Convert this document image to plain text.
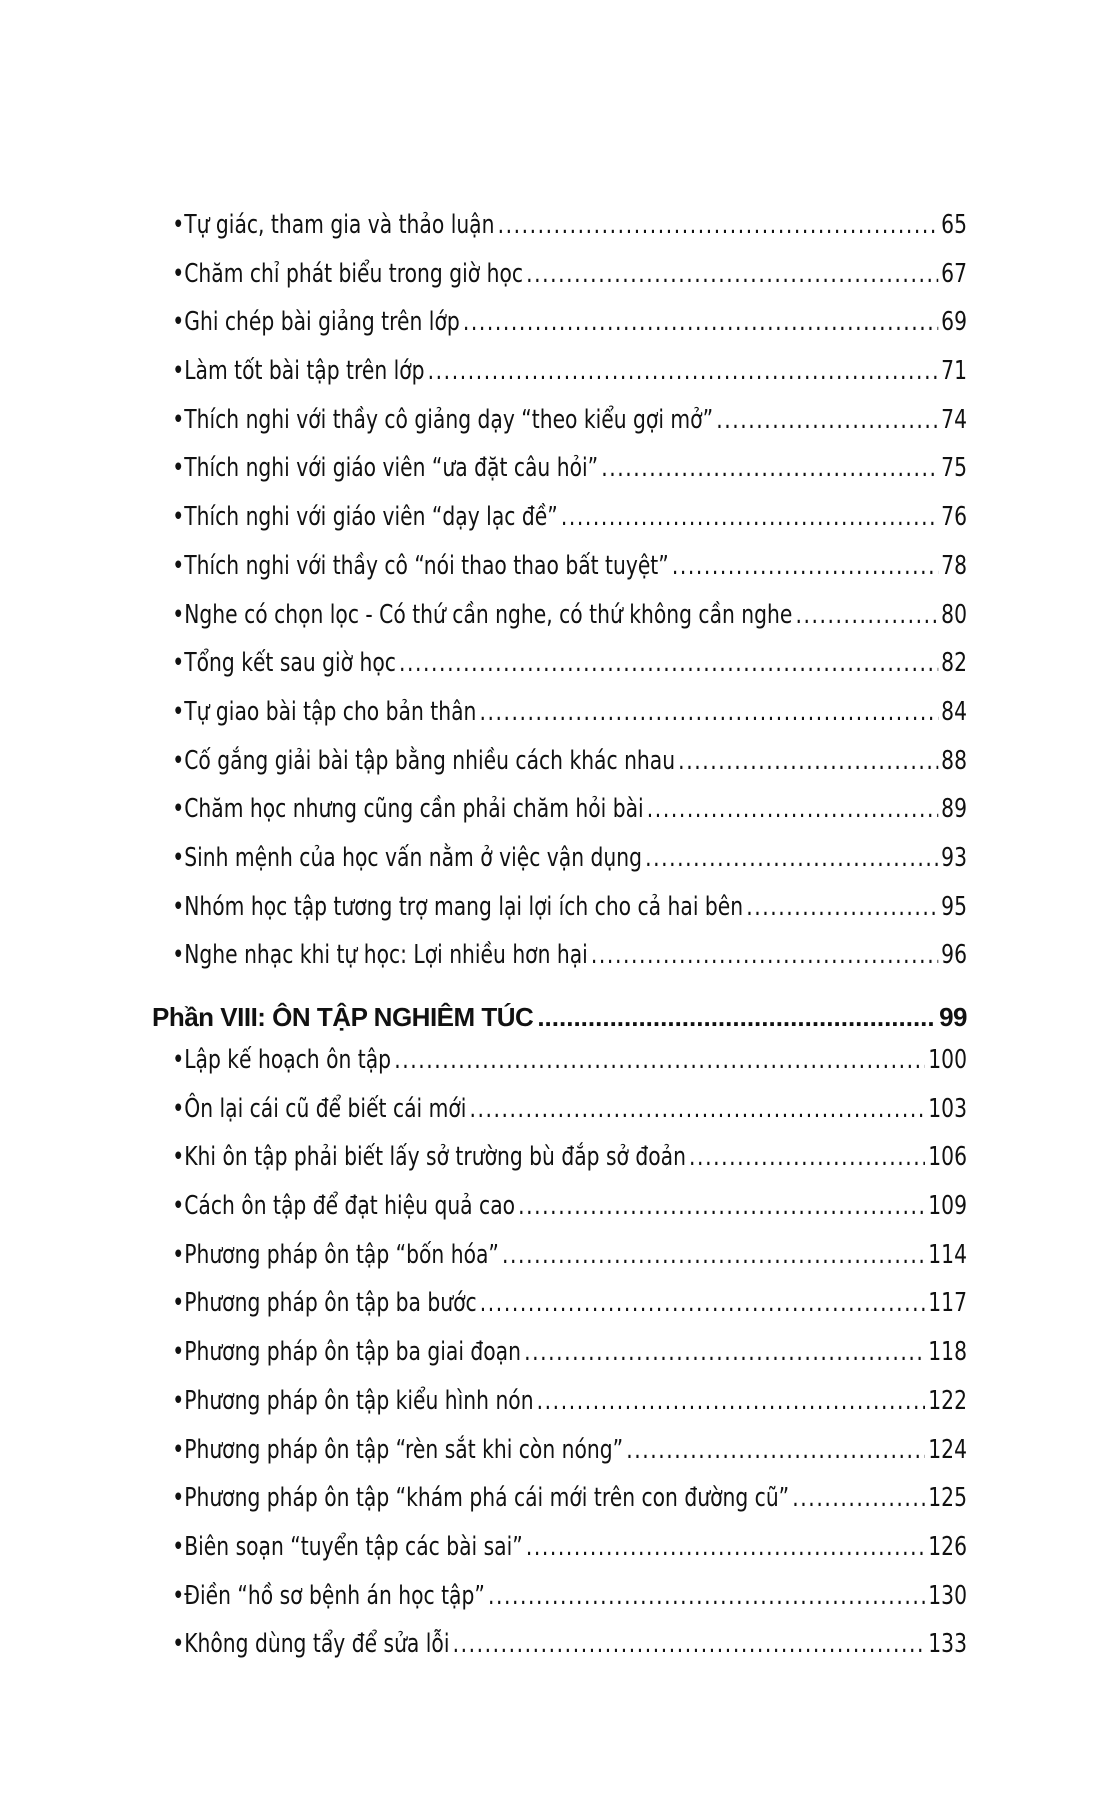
• Tự giác, tham gia và thảo luận .....	65
• Chăm chỉ phát biểu trong giờ học .....	67
• Ghi chép bài giảng trên lớp .....	69
• Làm tốt bài tập trên lớp .....	71
• Thích nghi với thầy cô giảng dạy “theo kiểu gợi mở” .....	74
• Thích nghi với giáo viên “ưa đặt câu hỏi” .....	75
• Thích nghi với giáo viên “dạy lạc đề” .....	76
• Thích nghi với thầy cô “nói thao thao bất tuyệt” .....	78
• Nghe có chọn lọc - Có thứ cần nghe, có thứ không cần nghe .....	80
• Tổng kết sau giờ học .....	82
• Tự giao bài tập cho bản thân .....	84
• Cố gắng giải bài tập bằng nhiều cách khác nhau .....	88
• Chăm học nhưng cũng cần phải chăm hỏi bài .....	89
• Sinh mệnh của học vấn nằm ở việc vận dụng .....	93
• Nhóm học tập tương trợ mang lại lợi ích cho cả hai bên .....	95
• Nghe nhạc khi tự học: Lợi nhiều hơn hại .....	96
Phần VIII: ÔN TẬP NGHIÊM TÚC .....	99
• Lập kế hoạch ôn tập .....	100
• Ôn lại cái cũ để biết cái mới .....	103
• Khi ôn tập phải biết lấy sở trường bù đắp sở đoản .....	106
• Cách ôn tập để đạt hiệu quả cao .....	109
• Phương pháp ôn tập “bốn hóa” .....	114
• Phương pháp ôn tập ba bước .....	117
• Phương pháp ôn tập ba giai đoạn .....	118
• Phương pháp ôn tập kiểu hình nón .....	122
• Phương pháp ôn tập “rèn sắt khi còn nóng” .....	124
• Phương pháp ôn tập “khám phá cái mới trên con đường cũ” .....	125
• Biên soạn “tuyển tập các bài sai” .....	126
• Điền “hồ sơ bệnh án học tập” .....	130
• Không dùng tẩy để sửa lỗi .....	133
